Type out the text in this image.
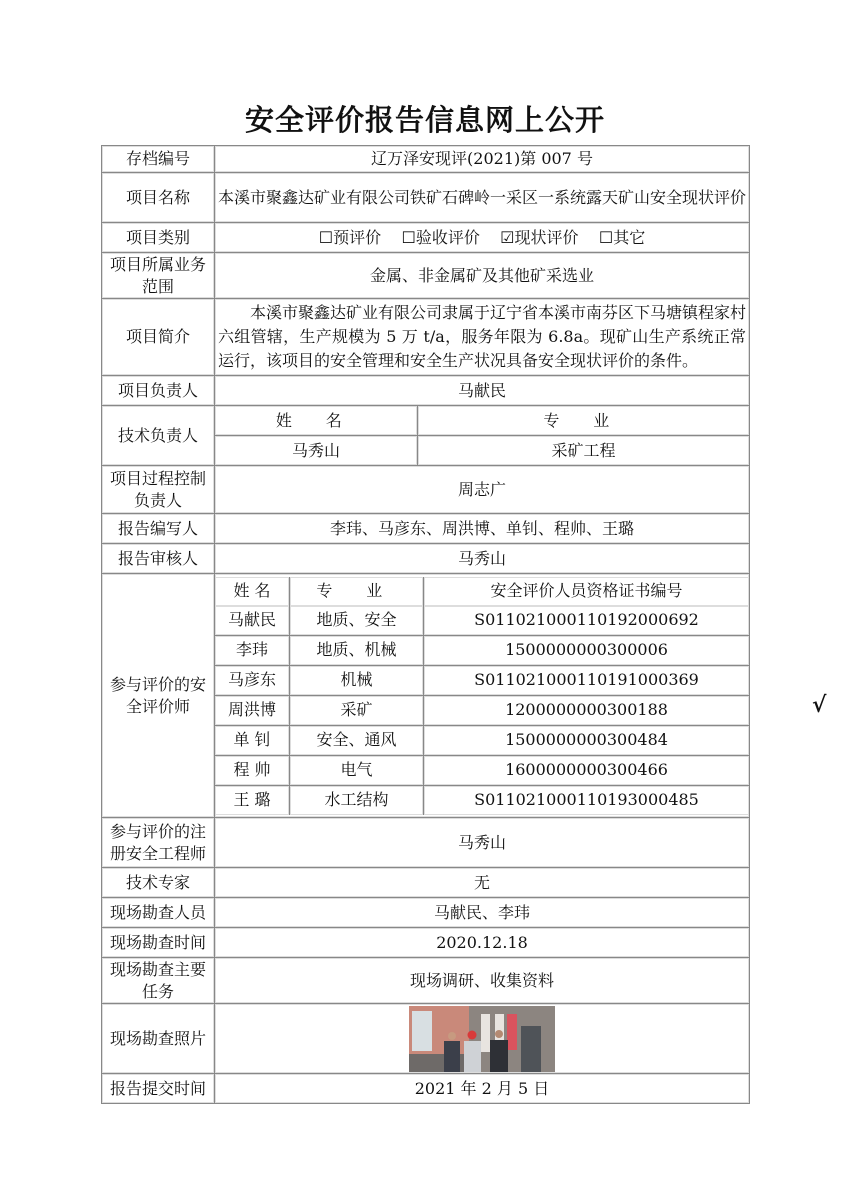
安全评价报告信息网上公开
存档编号	辽万泽安现评(2021)第 007 号
项目名称	本溪市聚鑫达矿业有限公司铁矿石碑岭一采区一系统露天矿山安全现状评价
项目类别	☐预评价 ☐验收评价 ☑现状评价 ☐其它
项目所属业务范围	金属、非金属矿及其他矿采选业
项目简介	本溪市聚鑫达矿业有限公司隶属于辽宁省本溪市南芬区下马塘镇程家村六组管辖，生产规模为 5 万 t/a，服务年限为 6.8a。现矿山生产系统正常运行，该项目的安全管理和安全生产状况具备安全现状评价的条件。
项目负责人	马献民
技术负责人	
姓 名	专 业
马秀山	采矿工程

项目过程控制负责人	周志广
报告编写人	李玮、马彦东、周洪博、单钊、程帅、王璐
报告审核人	马秀山
参与评价的安全评价师	
姓 名	专 业	安全评价人员资格证书编号
马献民	地质、安全	S011021000110192000692
李玮	地质、机械	1500000000300006
马彦东	机械	S011021000110191000369
周洪博	采矿	1200000000300188
单 钊	安全、通风	1500000000300484
程 帅	电气	1600000000300466
王 璐	水工结构	S011021000110193000485

参与评价的注册安全工程师	马秀山
技术专家	无
现场勘查人员	马献民、李玮
现场勘查时间	2020.12.18
现场勘查主要任务	现场调研、收集资料
现场勘查照片	
报告提交时间	2021 年 2 月 5 日
√
